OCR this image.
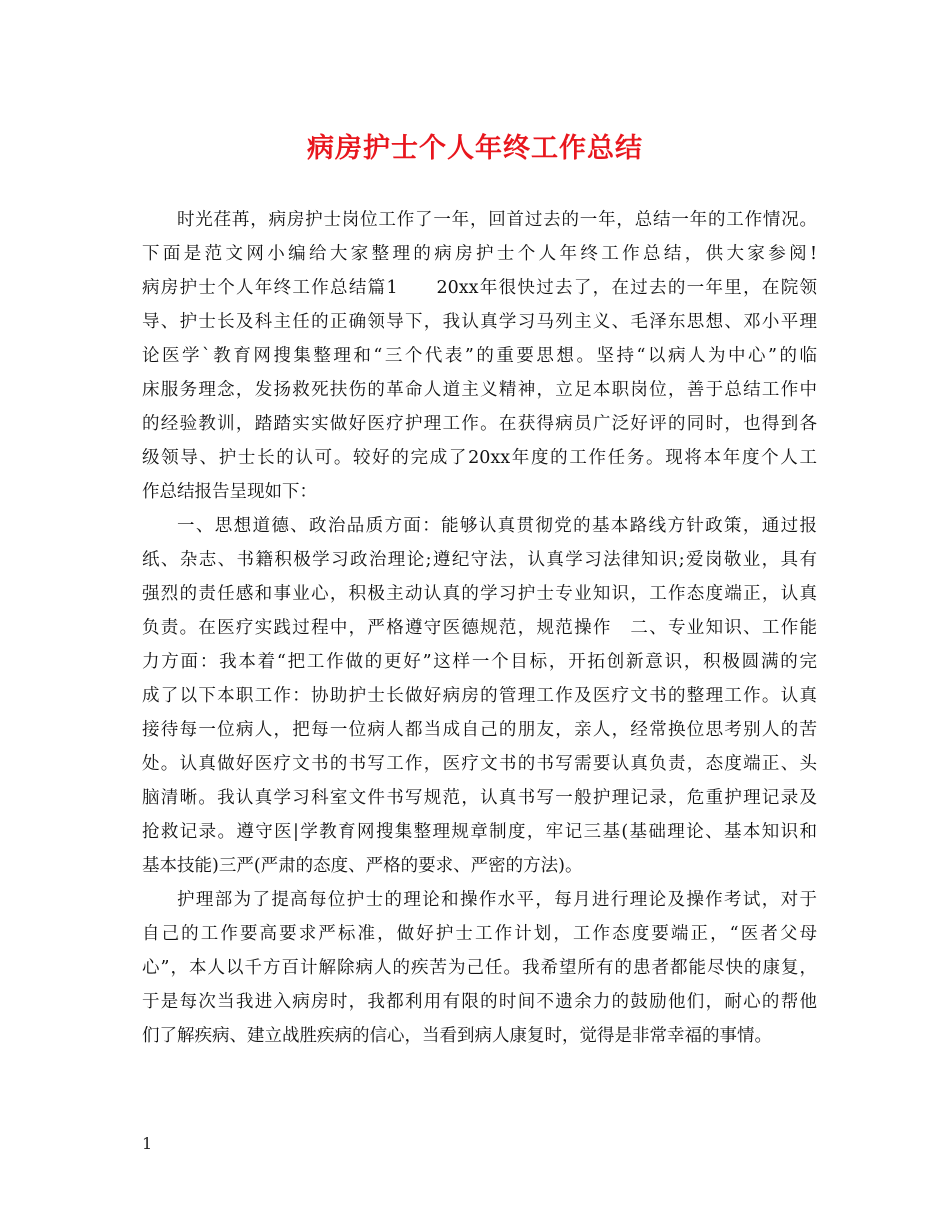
病房护士个人年终工作总结
时光荏苒，病房护士岗位工作了一年，回首过去的一年，总结一年的工作情况。
下面是范文网小编给大家整理的病房护士个人年终工作总结，供大家参阅!
病房护士个人年终工作总结篇1　　20xx年很快过去了，在过去的一年里，在院领
导、护士长及科主任的正确领导下，我认真学习马列主义、毛泽东思想、邓小平理
论医学`教育网搜集整理和“三个代表”的重要思想。坚持“以病人为中心”的临
床服务理念，发扬救死扶伤的革命人道主义精神，立足本职岗位，善于总结工作中
的经验教训，踏踏实实做好医疗护理工作。在获得病员广泛好评的同时，也得到各
级领导、护士长的认可。较好的完成了20xx年度的工作任务。现将本年度个人工
作总结报告呈现如下：
一、思想道德、政治品质方面：能够认真贯彻党的基本路线方针政策，通过报
纸、杂志、书籍积极学习政治理论;遵纪守法，认真学习法律知识;爱岗敬业，具有
强烈的责任感和事业心，积极主动认真的学习护士专业知识，工作态度端正，认真
负责。在医疗实践过程中，严格遵守医德规范，规范操作　二、专业知识、工作能
力方面：我本着“把工作做的更好”这样一个目标，开拓创新意识，积极圆满的完
成了以下本职工作：协助护士长做好病房的管理工作及医疗文书的整理工作。认真
接待每一位病人，把每一位病人都当成自己的朋友，亲人，经常换位思考别人的苦
处。认真做好医疗文书的书写工作，医疗文书的书写需要认真负责，态度端正、头
脑清晰。我认真学习科室文件书写规范，认真书写一般护理记录，危重护理记录及
抢救记录。遵守医|学教育网搜集整理规章制度，牢记三基(基础理论、基本知识和
基本技能)三严(严肃的态度、严格的要求、严密的方法)。
护理部为了提高每位护士的理论和操作水平，每月进行理论及操作考试，对于
自己的工作要高要求严标准，做好护士工作计划，工作态度要端正，“医者父母
心”，本人以千方百计解除病人的疾苦为己任。我希望所有的患者都能尽快的康复，
于是每次当我进入病房时，我都利用有限的时间不遗余力的鼓励他们，耐心的帮他
们了解疾病、建立战胜疾病的信心，当看到病人康复时，觉得是非常幸福的事情。
1
